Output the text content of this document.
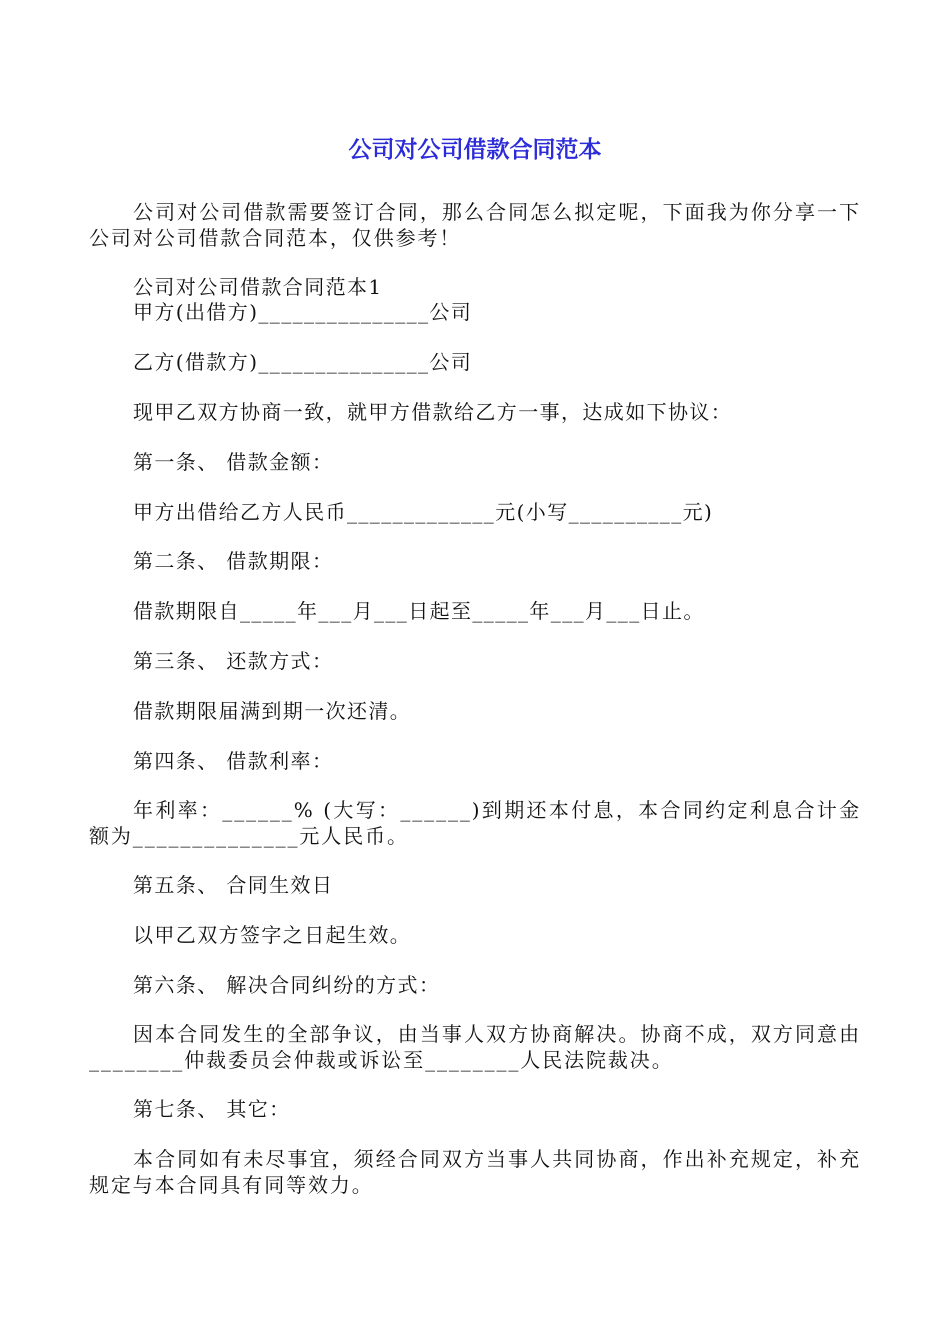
公司对公司借款合同范本

公司对公司借款需要签订合同，那么合同怎么拟定呢，下面我为你分享一下公司对公司借款合同范本，仅供参考！

公司对公司借款合同范本1

甲方(出借方)_______________公司

乙方(借款方)_______________公司

现甲乙双方协商一致，就甲方借款给乙方一事，达成如下协议：

第一条、 借款金额：

甲方出借给乙方人民币_____________元(小写__________元)

第二条、 借款期限：

借款期限自_____年___月___日起至_____年___月___日止。

第三条、 还款方式：

借款期限届满到期一次还清。

第四条、 借款利率：

年利率：______% (大写：______)到期还本付息，本合同约定利息合计金额为______________元人民币。

第五条、 合同生效日

以甲乙双方签字之日起生效。

第六条、 解决合同纠纷的方式：

因本合同发生的全部争议，由当事人双方协商解决。协商不成，双方同意由________仲裁委员会仲裁或诉讼至________人民法院裁决。

第七条、 其它：

本合同如有未尽事宜，须经合同双方当事人共同协商，作出补充规定，补充规定与本合同具有同等效力。
